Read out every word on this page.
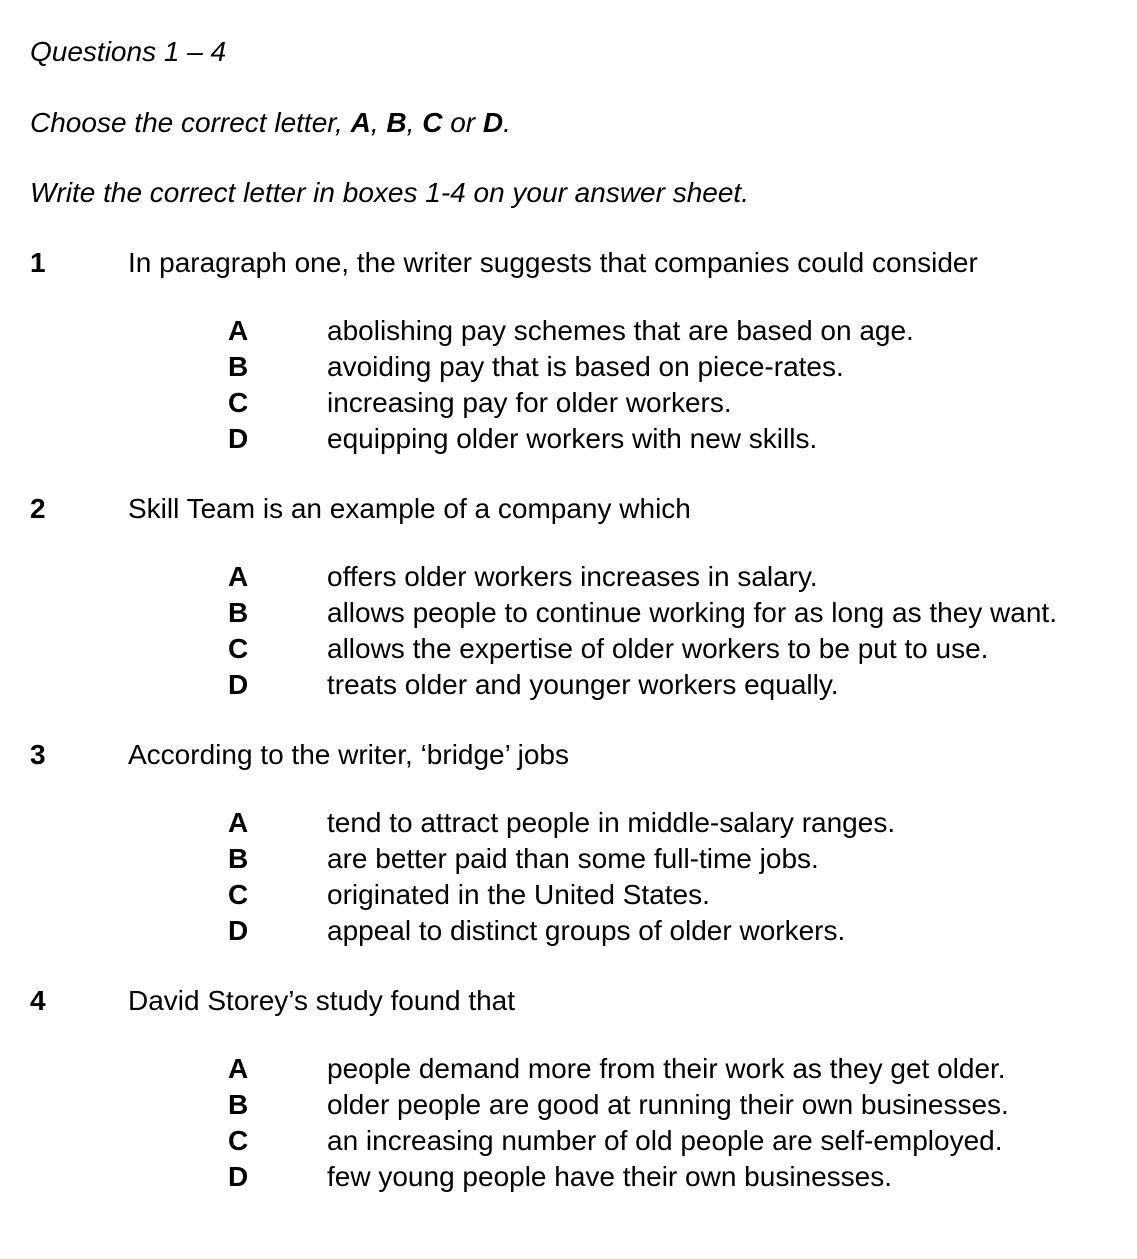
Questions 1 – 4

Choose the correct letter, A, B, C or D.

Write the correct letter in boxes 1-4 on your answer sheet.

1	In paragraph one, the writer suggests that companies could consider
A	abolishing pay schemes that are based on age.
B	avoiding pay that is based on piece-rates.
C	increasing pay for older workers.
D	equipping older workers with new skills.
2	Skill Team is an example of a company which
A	offers older workers increases in salary.
B	allows people to continue working for as long as they want.
C	allows the expertise of older workers to be put to use.
D	treats older and younger workers equally.
3	According to the writer, ‘bridge’ jobs
A	tend to attract people in middle-salary ranges.
B	are better paid than some full-time jobs.
C	originated in the United States.
D	appeal to distinct groups of older workers.
4	David Storey’s study found that
A	people demand more from their work as they get older.
B	older people are good at running their own businesses.
C	an increasing number of old people are self-employed.
D	few young people have their own businesses.
